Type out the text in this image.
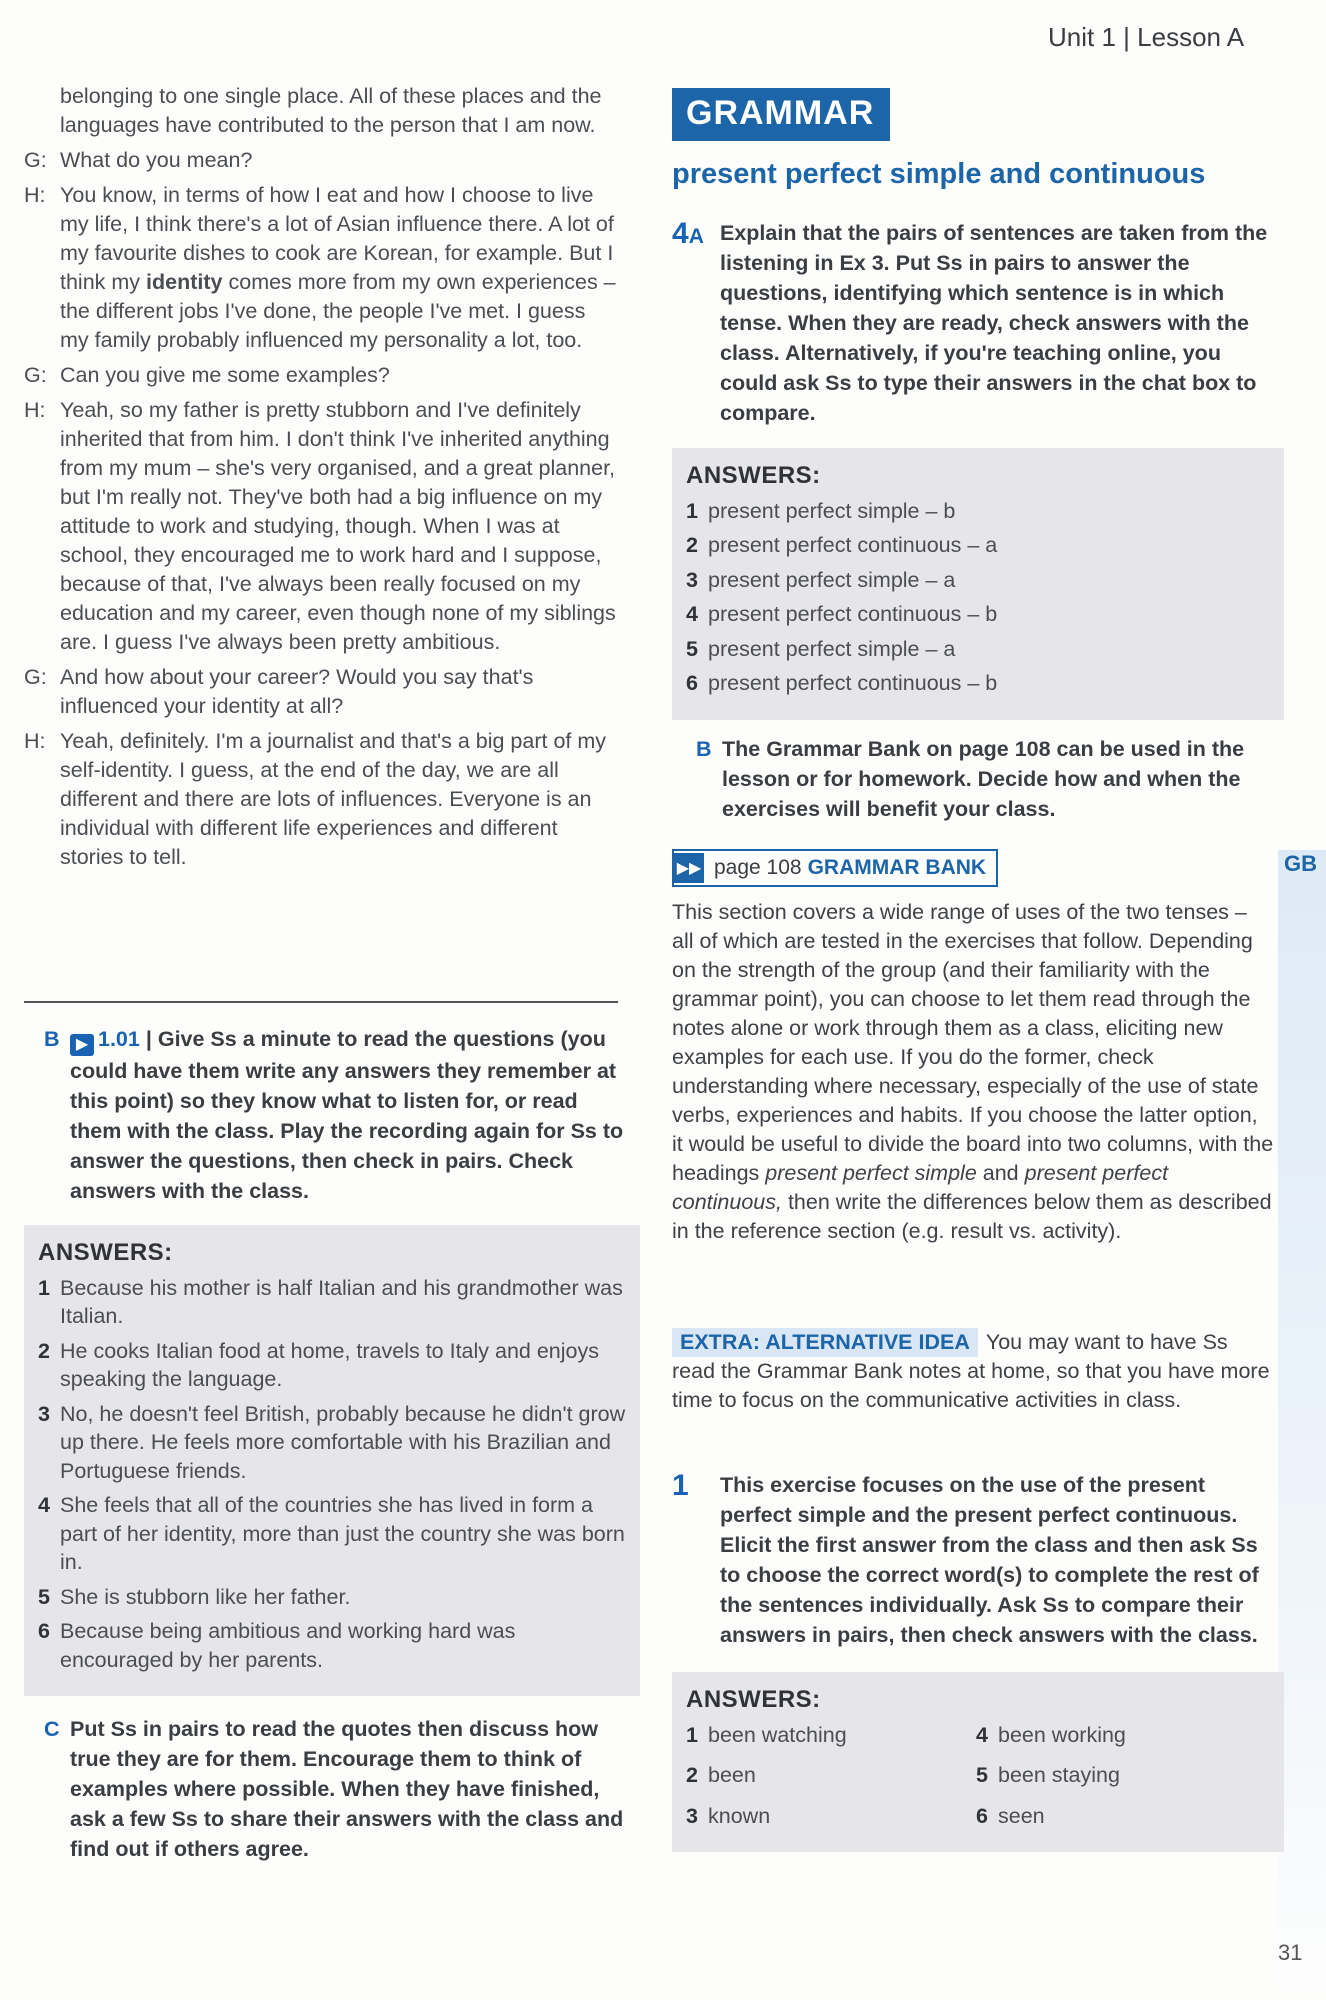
Unit 1 | Lesson A
belonging to one single place. All of these places and the languages have contributed to the person that I am now.
G: What do you mean?
H: You know, in terms of how I eat and how I choose to live my life, I think there's a lot of Asian influence there. A lot of my favourite dishes to cook are Korean, for example. But I think my identity comes more from my own experiences – the different jobs I've done, the people I've met. I guess my family probably influenced my personality a lot, too.
G: Can you give me some examples?
H: Yeah, so my father is pretty stubborn and I've definitely inherited that from him. I don't think I've inherited anything from my mum – she's very organised, and a great planner, but I'm really not. They've both had a big influence on my attitude to work and studying, though. When I was at school, they encouraged me to work hard and I suppose, because of that, I've always been really focused on my education and my career, even though none of my siblings are. I guess I've always been pretty ambitious.
G: And how about your career? Would you say that's influenced your identity at all?
H: Yeah, definitely. I'm a journalist and that's a big part of my self-identity. I guess, at the end of the day, we are all different and there are lots of influences. Everyone is an individual with different life experiences and different stories to tell.
B	▶ 1.01 | Give Ss a minute to read the questions (you could have them write any answers they remember at this point) so they know what to listen for, or read them with the class. Play the recording again for Ss to answer the questions, then check in pairs. Check answers with the class.
ANSWERS:
1 Because his mother is half Italian and his grandmother was Italian.
2 He cooks Italian food at home, travels to Italy and enjoys speaking the language.
3 No, he doesn't feel British, probably because he didn't grow up there. He feels more comfortable with his Brazilian and Portuguese friends.
4 She feels that all of the countries she has lived in form a part of her identity, more than just the country she was born in.
5 She is stubborn like her father.
6 Because being ambitious and working hard was encouraged by her parents.
C Put Ss in pairs to read the quotes then discuss how true they are for them. Encourage them to think of examples where possible. When they have finished, ask a few Ss to share their answers with the class and find out if others agree.
GRAMMAR
present perfect simple and continuous
4A Explain that the pairs of sentences are taken from the listening in Ex 3. Put Ss in pairs to answer the questions, identifying which sentence is in which tense. When they are ready, check answers with the class. Alternatively, if you're teaching online, you could ask Ss to type their answers in the chat box to compare.
ANSWERS:
1 present perfect simple – b
2 present perfect continuous – a
3 present perfect simple – a
4 present perfect continuous – b
5 present perfect simple – a
6 present perfect continuous – b
B The Grammar Bank on page 108 can be used in the lesson or for homework. Decide how and when the exercises will benefit your class.
▶▶ page 108 GRAMMAR BANK	GB
This section covers a wide range of uses of the two tenses – all of which are tested in the exercises that follow. Depending on the strength of the group (and their familiarity with the grammar point), you can choose to let them read through the notes alone or work through them as a class, eliciting new examples for each use. If you do the former, check understanding where necessary, especially of the use of state verbs, experiences and habits. If you choose the latter option, it would be useful to divide the board into two columns, with the headings present perfect simple and present perfect continuous, then write the differences below them as described in the reference section (e.g. result vs. activity).
EXTRA: ALTERNATIVE IDEA You may want to have Ss read the Grammar Bank notes at home, so that you have more time to focus on the communicative activities in class.
1	This exercise focuses on the use of the present perfect simple and the present perfect continuous. Elicit the first answer from the class and then ask Ss to choose the correct word(s) to complete the rest of the sentences individually. Ask Ss to compare their answers in pairs, then check answers with the class.
ANSWERS:
1 been watching	4 been working
2 been	5 been staying
3 known	6 seen
31
